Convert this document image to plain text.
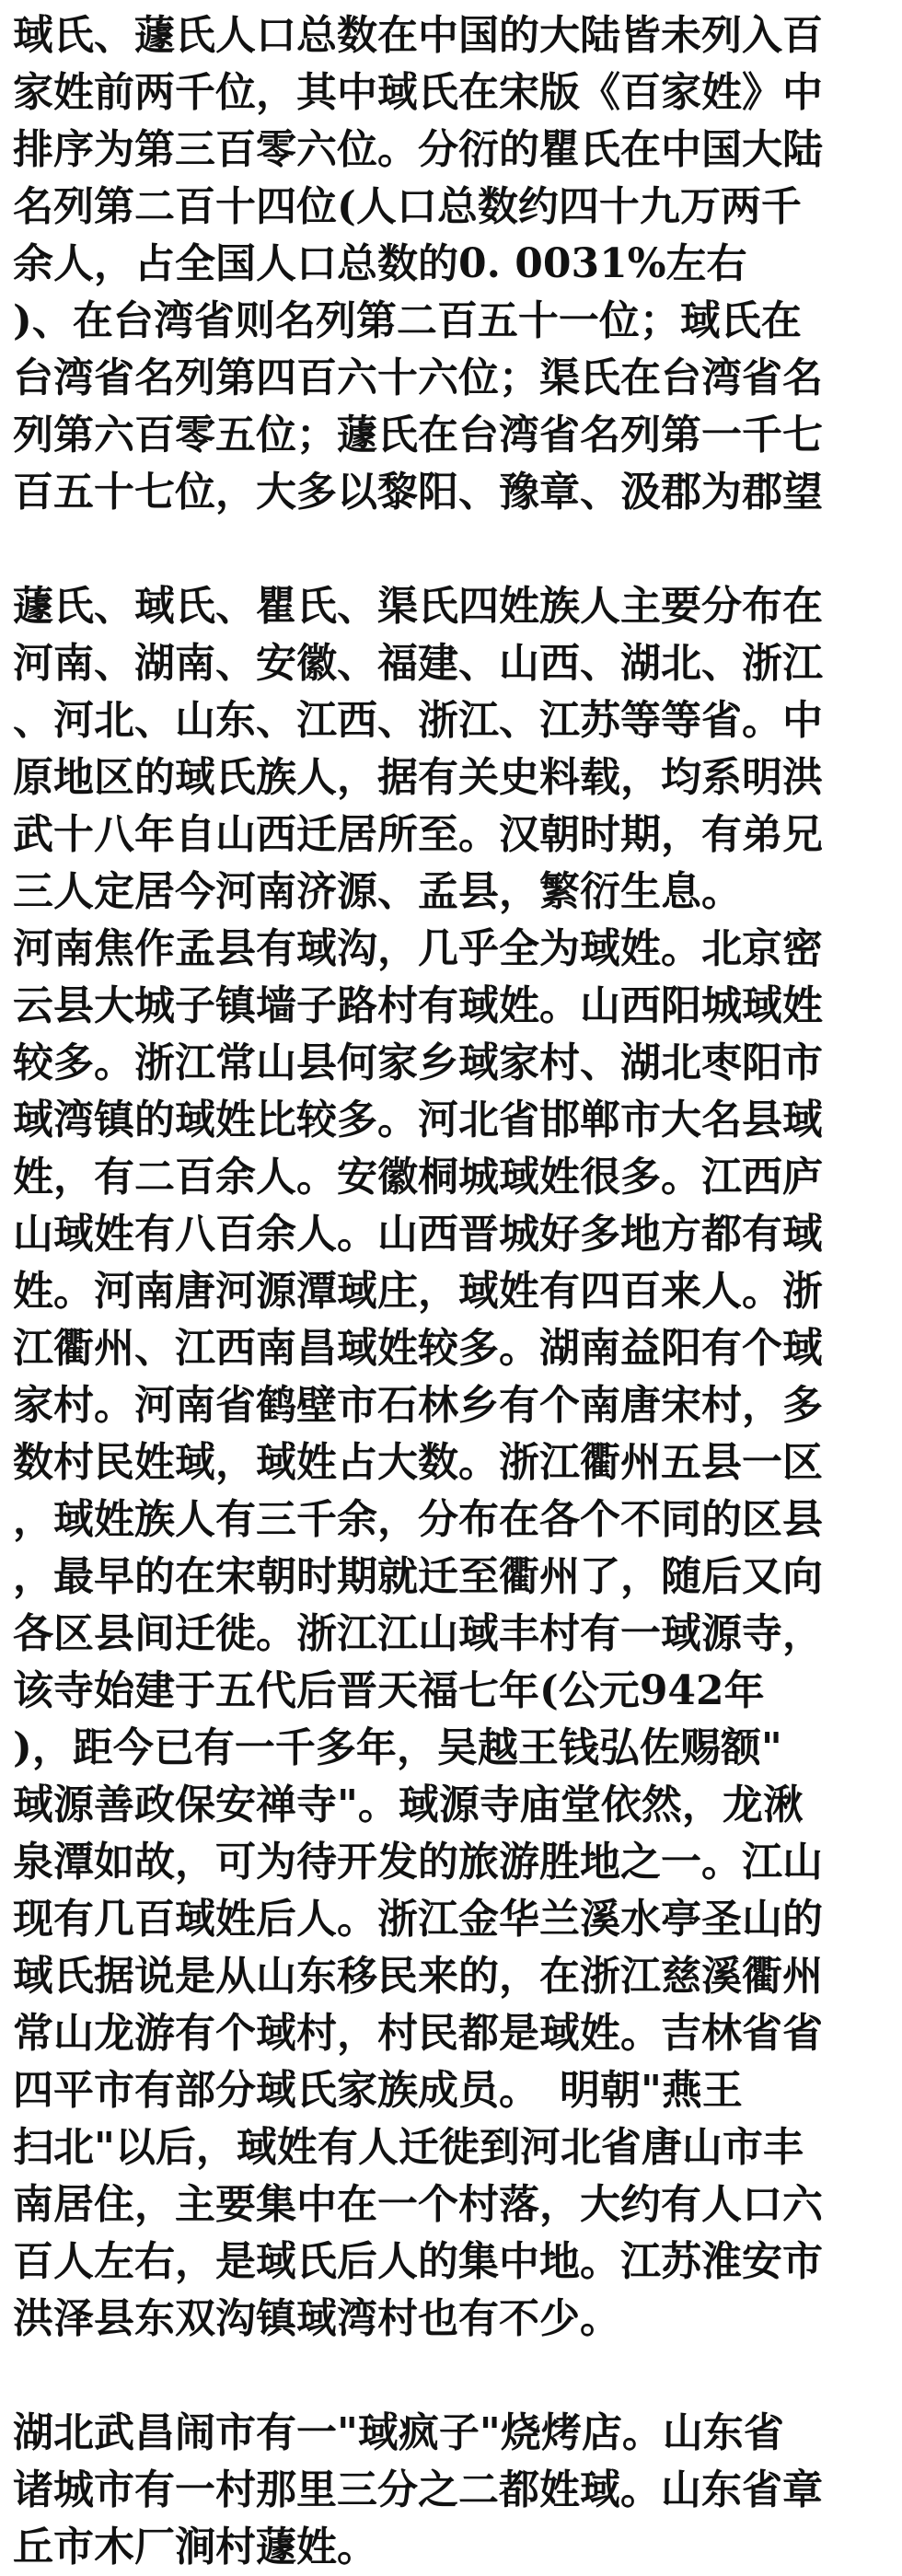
琙氏、蘧氏人口总数在中国的大陆皆未列入百
家姓前两千位，其中琙氏在宋版《百家姓》中
排序为第三百零六位。分衍的瞿氏在中国大陆
名列第二百十四位(人口总数约四十九万两千
余人，占全国人口总数的0. 0031%左右
)、在台湾省则名列第二百五十一位；琙氏在
台湾省名列第四百六十六位；渠氏在台湾省名
列第六百零五位；蘧氏在台湾省名列第一千七
百五十七位，大多以黎阳、豫章、汲郡为郡望
蘧氏、琙氏、瞿氏、渠氏四姓族人主要分布在
河南、湖南、安徽、福建、山西、湖北、浙江
、河北、山东、江西、浙江、江苏等等省。中
原地区的琙氏族人，据有关史料载，均系明洪
武十八年自山西迁居所至。汉朝时期，有弟兄
三人定居今河南济源、孟县，繁衍生息。
河南焦作孟县有琙沟，几乎全为琙姓。北京密
云县大城子镇墙子路村有琙姓。山西阳城琙姓
较多。浙江常山县何家乡琙家村、湖北枣阳市
琙湾镇的琙姓比较多。河北省邯郸市大名县琙
姓，有二百余人。安徽桐城琙姓很多。江西庐
山琙姓有八百余人。山西晋城好多地方都有琙
姓。河南唐河源潭琙庄，琙姓有四百来人。浙
江衢州、江西南昌琙姓较多。湖南益阳有个琙
家村。河南省鹤壁市石林乡有个南唐宋村，多
数村民姓琙，琙姓占大数。浙江衢州五县一区
，琙姓族人有三千余，分布在各个不同的区县
，最早的在宋朝时期就迁至衢州了，随后又向
各区县间迁徙。浙江江山琙丰村有一琙源寺，
该寺始建于五代后晋天福七年(公元942年
)，距今已有一千多年，吴越王钱弘佐赐额"
琙源善政保安禅寺"。琙源寺庙堂依然，龙湫
泉潭如故，可为待开发的旅游胜地之一。江山
现有几百琙姓后人。浙江金华兰溪水亭圣山的
琙氏据说是从山东移民来的，在浙江慈溪衢州
常山龙游有个琙村，村民都是琙姓。吉林省省
四平市有部分琙氏家族成员。　明朝"燕王
扫北"以后，琙姓有人迁徙到河北省唐山市丰
南居住，主要集中在一个村落，大约有人口六
百人左右，是琙氏后人的集中地。江苏淮安市
洪泽县东双沟镇琙湾村也有不少。
湖北武昌闹市有一"琙疯子"烧烤店。山东省
诸城市有一村那里三分之二都姓琙。山东省章
丘市木厂涧村蘧姓。
